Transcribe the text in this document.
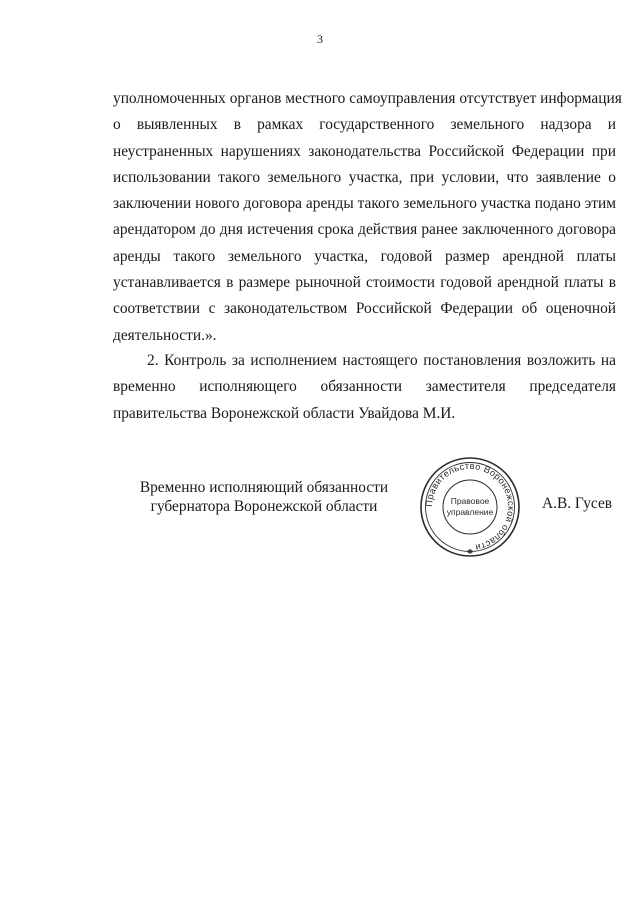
3
уполномоченных органов местного самоуправления отсутствует информация
о выявленных в рамках государственного земельного надзора и
неустраненных нарушениях законодательства Российской Федерации при
использовании такого земельного участка, при условии, что заявление о
заключении нового договора аренды такого земельного участка подано этим
арендатором до дня истечения срока действия ранее заключенного договора
аренды такого земельного участка, годовой размер арендной платы
устанавливается в размере рыночной стоимости годовой арендной платы в
соответствии с законодательством Российской Федерации об оценочной
деятельности.».
2. Контроль за исполнением настоящего постановления возложить на
временно исполняющего обязанности заместителя председателя
правительства Воронежской области Увайдова М.И.
Временно исполняющий обязанности
губернатора Воронежской области	Правительство Воронежской области
Правовое
управление
✱
А.В. Гусев
